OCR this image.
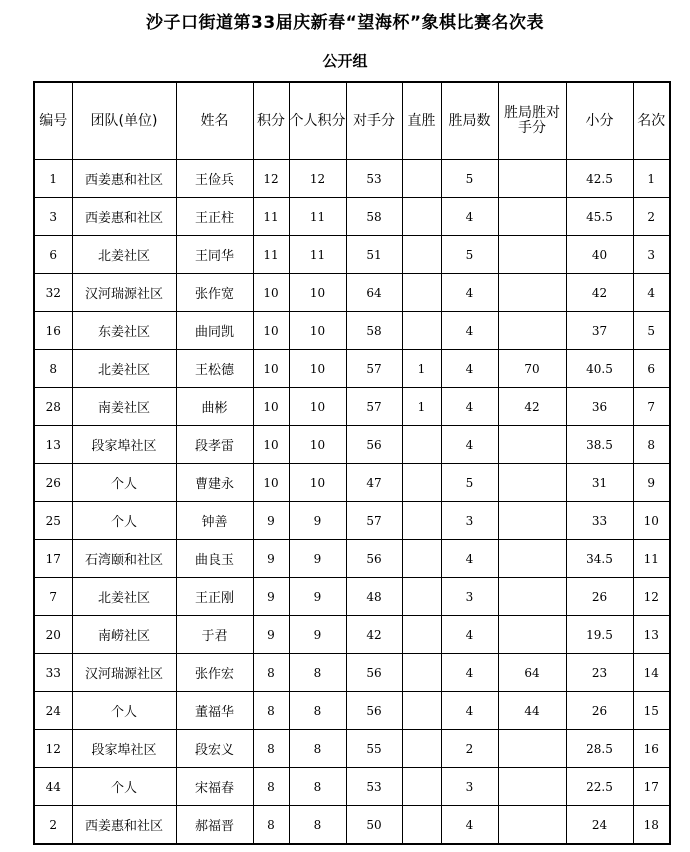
沙子口街道第33届庆新春“望海杯”象棋比赛名次表
公开组
编号	团队(单位)	姓名	积分	个人积分	对手分	直胜	胜局数	胜局胜对手分	小分	名次
1	西姜惠和社区	王俭兵	12	12	53		5		42.5	1
3	西姜惠和社区	王正柱	11	11	58		4		45.5	2
6	北姜社区	王同华	11	11	51		5		40	3
32	汉河瑞源社区	张作宽	10	10	64		4		42	4
16	东姜社区	曲同凯	10	10	58		4		37	5
8	北姜社区	王松德	10	10	57	1	4	70	40.5	6
28	南姜社区	曲彬	10	10	57	1	4	42	36	7
13	段家埠社区	段孝雷	10	10	56		4		38.5	8
26	个人	曹建永	10	10	47		5		31	9
25	个人	钟善	9	9	57		3		33	10
17	石湾颐和社区	曲良玉	9	9	56		4		34.5	11
7	北姜社区	王正刚	9	9	48		3		26	12
20	南崂社区	于君	9	9	42		4		19.5	13
33	汉河瑞源社区	张作宏	8	8	56		4	64	23	14
24	个人	董福华	8	8	56		4	44	26	15
12	段家埠社区	段宏义	8	8	55		2		28.5	16
44	个人	宋福春	8	8	53		3		22.5	17
2	西姜惠和社区	郝福晋	8	8	50		4		24	18
